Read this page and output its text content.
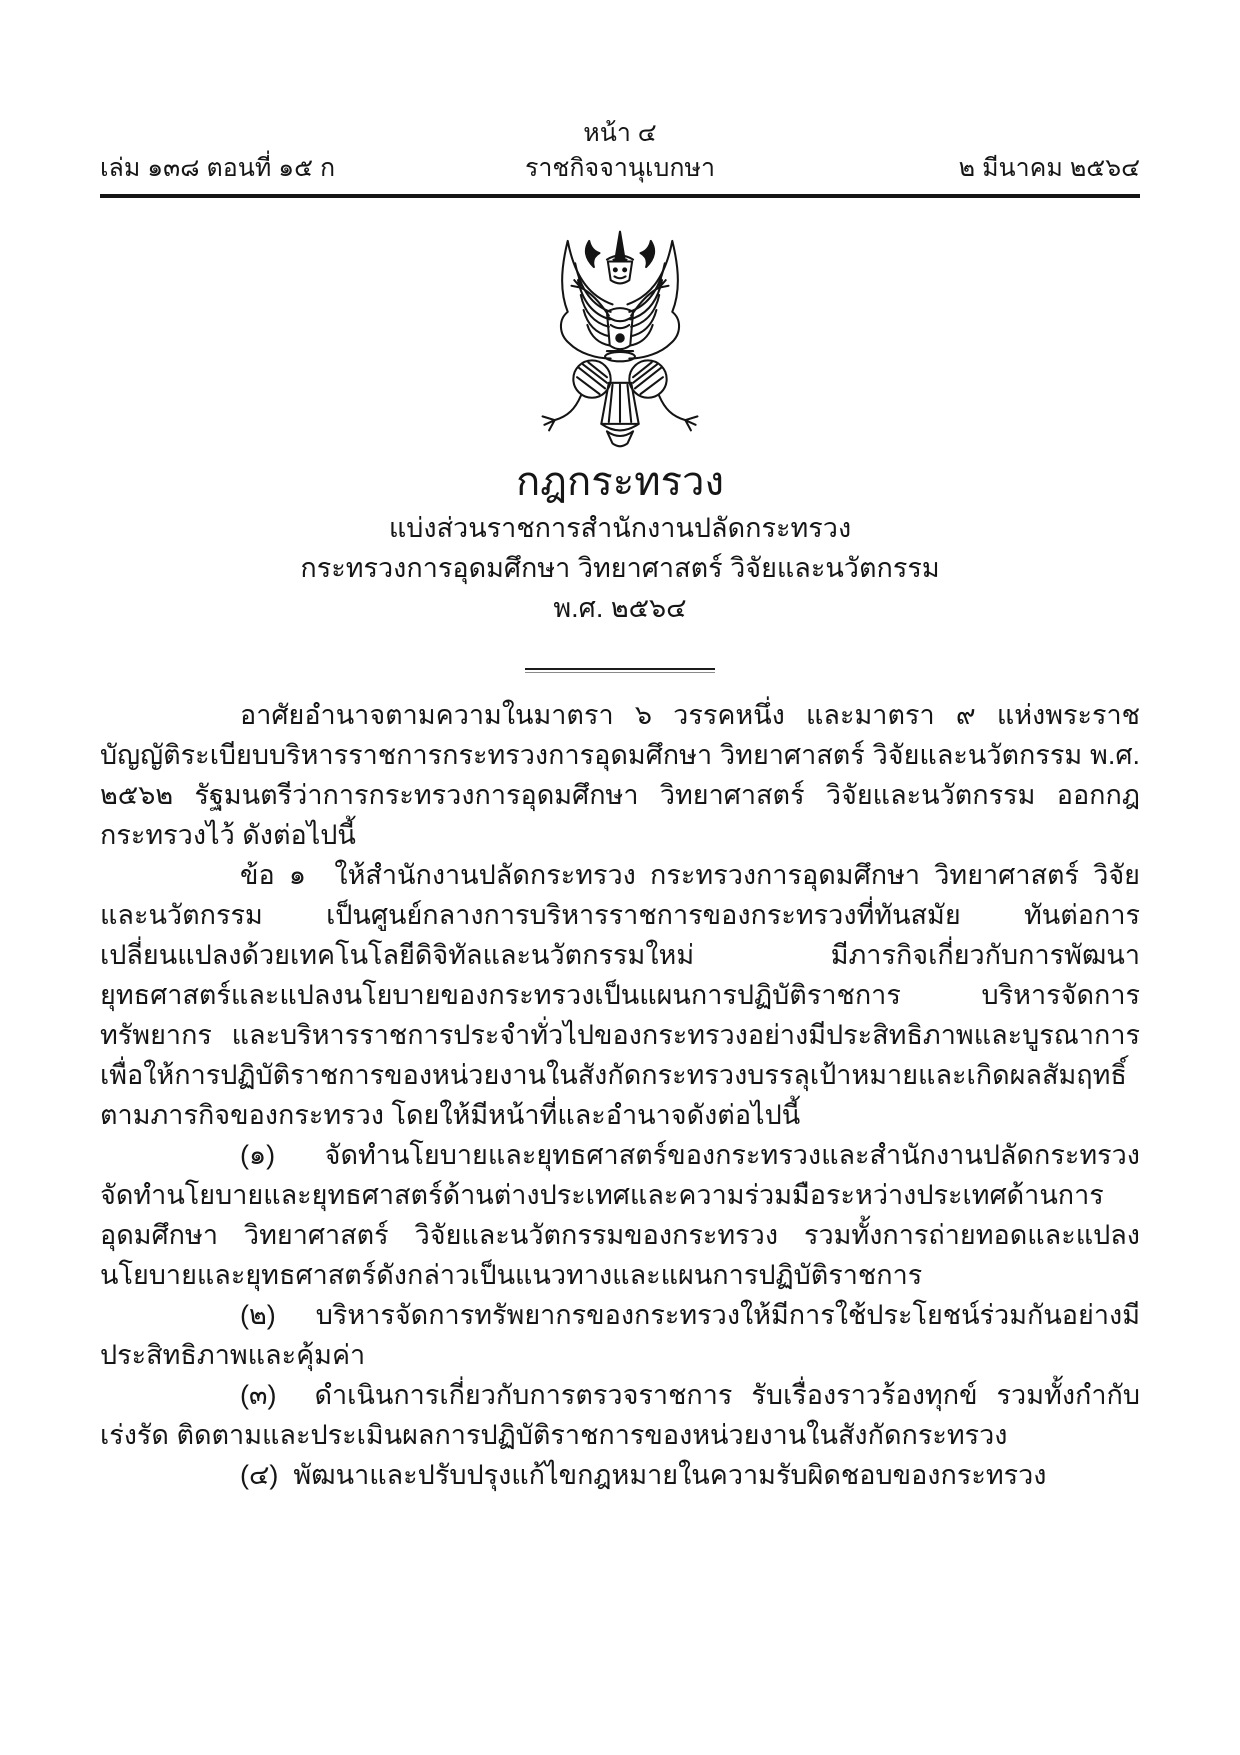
หน้า ๔
เล่ม ๑๓๘ ตอนที่ ๑๕ ก	ราชกิจจานุเบกษา	๒ มีนาคม ๒๕๖๔
กฎกระทรวง
แบ่งส่วนราชการสำนักงานปลัดกระทรวง
กระทรวงการอุดมศึกษา วิทยาศาสตร์ วิจัยและนวัตกรรม
พ.ศ. ๒๕๖๔

อาศัยอำนาจตามความในมาตรา ๖ วรรคหนึ่ง และมาตรา ๙ แห่งพระราชบัญญัติระเบียบบริหารราชการกระทรวงการอุดมศึกษา วิทยาศาสตร์ วิจัยและนวัตกรรม พ.ศ. ๒๕๖๒ รัฐมนตรีว่าการกระทรวงการอุดมศึกษา วิทยาศาสตร์ วิจัยและนวัตกรรม ออกกฎกระทรวงไว้ ดังต่อไปนี้

ข้อ ๑  ให้สำนักงานปลัดกระทรวง กระทรวงการอุดมศึกษา วิทยาศาสตร์ วิจัยและนวัตกรรม เป็นศูนย์กลางการบริหารราชการของกระทรวงที่ทันสมัย ทันต่อการเปลี่ยนแปลงด้วยเทคโนโลยีดิจิทัลและนวัตกรรมใหม่ มีภารกิจเกี่ยวกับการพัฒนายุทธศาสตร์และแปลงนโยบายของกระทรวงเป็นแผนการปฏิบัติราชการ บริหารจัดการทรัพยากร และบริหารราชการประจำทั่วไปของกระทรวงอย่างมีประสิทธิภาพและบูรณาการ เพื่อให้การปฏิบัติราชการของหน่วยงานในสังกัดกระทรวงบรรลุเป้าหมายและเกิดผลสัมฤทธิ์ตามภารกิจของกระทรวง โดยให้มีหน้าที่และอำนาจดังต่อไปนี้

(๑)  จัดทำนโยบายและยุทธศาสตร์ของกระทรวงและสำนักงานปลัดกระทรวง จัดทำนโยบายและยุทธศาสตร์ด้านต่างประเทศและความร่วมมือระหว่างประเทศด้านการอุดมศึกษา วิทยาศาสตร์ วิจัยและนวัตกรรมของกระทรวง รวมทั้งการถ่ายทอดและแปลงนโยบายและยุทธศาสตร์ดังกล่าวเป็นแนวทางและแผนการปฏิบัติราชการ

(๒)  บริหารจัดการทรัพยากรของกระทรวงให้มีการใช้ประโยชน์ร่วมกันอย่างมีประสิทธิภาพและคุ้มค่า

(๓)  ดำเนินการเกี่ยวกับการตรวจราชการ รับเรื่องราวร้องทุกข์ รวมทั้งกำกับ เร่งรัด ติดตามและประเมินผลการปฏิบัติราชการของหน่วยงานในสังกัดกระทรวง

(๔)  พัฒนาและปรับปรุงแก้ไขกฎหมายในความรับผิดชอบของกระทรวง
